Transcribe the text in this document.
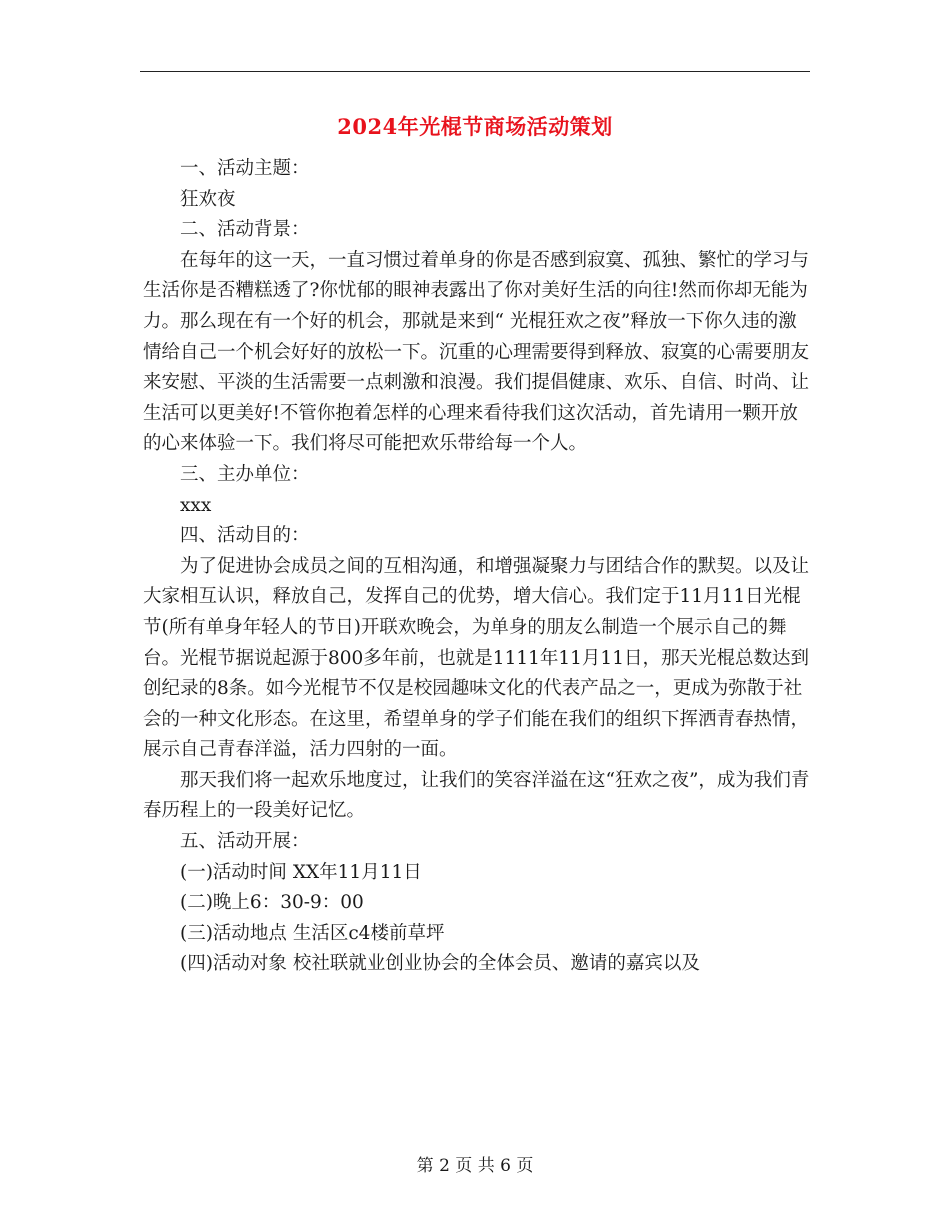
2024年光棍节商场活动策划

一、活动主题：

狂欢夜

二、活动背景：

在每年的这一天，一直习惯过着单身的你是否感到寂寞、孤独、繁忙的学习与生活你是否糟糕透了?你忧郁的眼神表露出了你对美好生活的向往!然而你却无能为力。那么现在有一个好的机会，那就是来到“ 光棍狂欢之夜”释放一下你久违的激情给自己一个机会好好的放松一下。沉重的心理需要得到释放、寂寞的心需要朋友来安慰、平淡的生活需要一点刺激和浪漫。我们提倡健康、欢乐、自信、时尚、让生活可以更美好!不管你抱着怎样的心理来看待我们这次活动，首先请用一颗开放的心来体验一下。我们将尽可能把欢乐带给每一个人。

三、主办单位：

xxx

四、活动目的：

为了促进协会成员之间的互相沟通，和增强凝聚力与团结合作的默契。以及让大家相互认识，释放自己，发挥自己的优势，增大信心。我们定于11月11日光棍节(所有单身年轻人的节日)开联欢晚会，为单身的朋友么制造一个展示自己的舞台。光棍节据说起源于800多年前，也就是1111年11月11日，那天光棍总数达到创纪录的8条。如今光棍节不仅是校园趣味文化的代表产品之一，更成为弥散于社会的一种文化形态。在这里，希望单身的学子们能在我们的组织下挥洒青春热情，展示自己青春洋溢，活力四射的一面。

那天我们将一起欢乐地度过，让我们的笑容洋溢在这“狂欢之夜”，成为我们青春历程上的一段美好记忆。

五、活动开展：

(一)活动时间 XX年11月11日

(二)晚上6：30-9：00

(三)活动地点 生活区c4楼前草坪

(四)活动对象 校社联就业创业协会的全体会员、邀请的嘉宾以及

第 2 页 共 6 页
